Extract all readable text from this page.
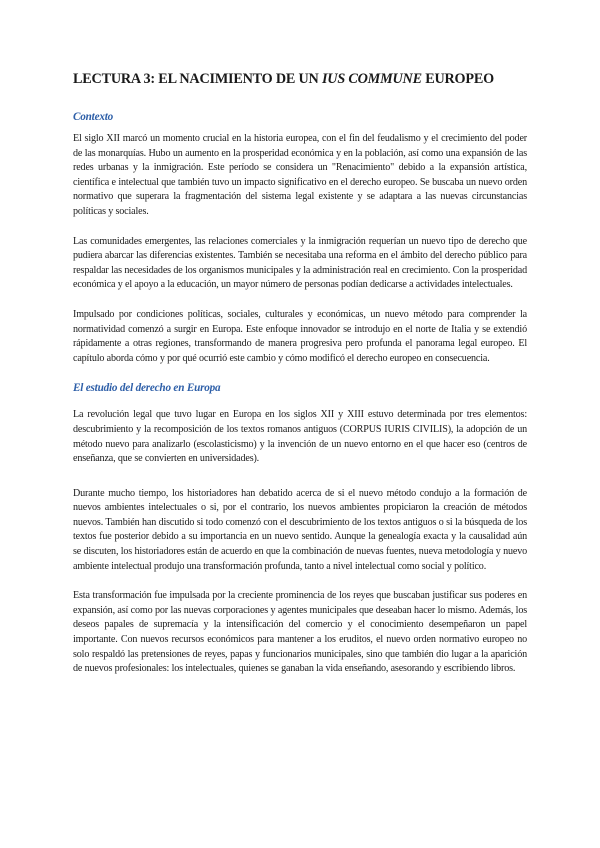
LECTURA 3: EL NACIMIENTO DE UN IUS COMMUNE EUROPEO
Contexto

El siglo XII marcó un momento crucial en la historia europea, con el fin del feudalismo y el crecimiento del poder de las monarquías. Hubo un aumento en la prosperidad económica y en la población, así como una expansión de las redes urbanas y la inmigración. Este período se considera un "Renacimiento" debido a la expansión artística, científica e intelectual que también tuvo un impacto significativo en el derecho europeo. Se buscaba un nuevo orden normativo que superara la fragmentación del sistema legal existente y se adaptara a las nuevas circunstancias políticas y sociales.

Las comunidades emergentes, las relaciones comerciales y la inmigración requerían un nuevo tipo de derecho que pudiera abarcar las diferencias existentes. También se necesitaba una reforma en el ámbito del derecho público para respaldar las necesidades de los organismos municipales y la administración real en crecimiento. Con la prosperidad económica y el apoyo a la educación, un mayor número de personas podían dedicarse a actividades intelectuales.

Impulsado por condiciones políticas, sociales, culturales y económicas, un nuevo método para comprender la normatividad comenzó a surgir en Europa. Este enfoque innovador se introdujo en el norte de Italia y se extendió rápidamente a otras regiones, transformando de manera progresiva pero profunda el panorama legal europeo. El capítulo aborda cómo y por qué ocurrió este cambio y cómo modificó el derecho europeo en consecuencia.

El estudio del derecho en Europa

La revolución legal que tuvo lugar en Europa en los siglos XII y XIII estuvo determinada por tres elementos: descubrimiento y la recomposición de los textos romanos antiguos (CORPUS IURIS CIVILIS), la adopción de un método nuevo para analizarlo (escolasticismo) y la invención de un nuevo entorno en el que hacer eso (centros de enseñanza, que se convierten en universidades).

Durante mucho tiempo, los historiadores han debatido acerca de si el nuevo método condujo a la formación de nuevos ambientes intelectuales o si, por el contrario, los nuevos ambientes propiciaron la creación de métodos nuevos. También han discutido si todo comenzó con el descubrimiento de los textos antiguos o si la búsqueda de los textos fue posterior debido a su importancia en un nuevo sentido. Aunque la genealogía exacta y la causalidad aún se discuten, los historiadores están de acuerdo en que la combinación de nuevas fuentes, nueva metodología y nuevo ambiente intelectual produjo una transformación profunda, tanto a nivel intelectual como social y político.

Esta transformación fue impulsada por la creciente prominencia de los reyes que buscaban justificar sus poderes en expansión, así como por las nuevas corporaciones y agentes municipales que deseaban hacer lo mismo. Además, los deseos papales de supremacía y la intensificación del comercio y el conocimiento desempeñaron un papel importante. Con nuevos recursos económicos para mantener a los eruditos, el nuevo orden normativo europeo no solo respaldó las pretensiones de reyes, papas y funcionarios municipales, sino que también dio lugar a la aparición de nuevos profesionales: los intelectuales, quienes se ganaban la vida enseñando, asesorando y escribiendo libros.
